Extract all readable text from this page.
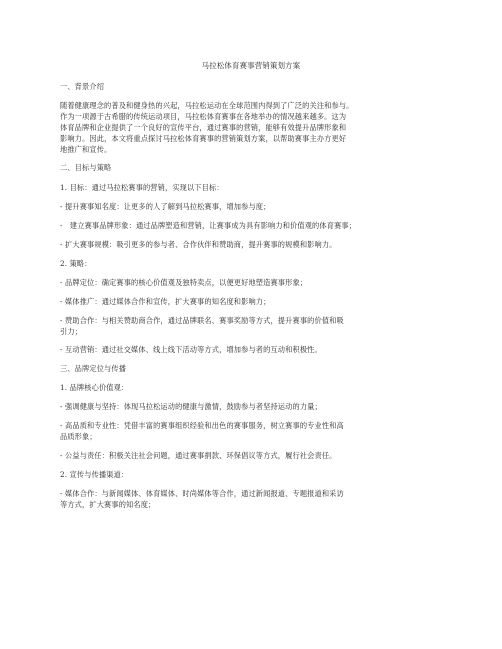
马拉松体育赛事营销策划方案
一、背景介绍
随着健康理念的普及和健身热的兴起，马拉松运动在全球范围内得到了广泛的关注和参与。
作为一项源于古希腊的传统运动项目，马拉松体育赛事在各地举办的情况越来越多。这为
体育品牌和企业提供了一个良好的宣传平台，通过赛事的营销，能够有效提升品牌形象和
影响力。因此，本文将重点探讨马拉松体育赛事的营销策划方案，以帮助赛事主办方更好
地推广和宣传。
二、目标与策略
1. 目标：通过马拉松赛事的营销，实现以下目标：
- 提升赛事知名度：让更多的人了解到马拉松赛事，增加参与度；
-　建立赛事品牌形象：通过品牌塑造和营销，让赛事成为具有影响力和价值观的体育赛事；
- 扩大赛事规模：吸引更多的参与者、合作伙伴和赞助商，提升赛事的规模和影响力。
2. 策略：
- 品牌定位：确定赛事的核心价值观及独特卖点，以便更好地塑造赛事形象；
- 媒体推广：通过媒体合作和宣传，扩大赛事的知名度和影响力；
- 赞助合作：与相关赞助商合作，通过品牌联名、赛事奖励等方式，提升赛事的价值和吸
引力；
- 互动营销：通过社交媒体、线上线下活动等方式，增加参与者的互动和积极性。
三、品牌定位与传播
1. 品牌核心价值观：
- 强调健康与坚持：体现马拉松运动的健康与激情，鼓励参与者坚持运动的力量；
- 高品质和专业性：凭借丰富的赛事组织经验和出色的赛事服务，树立赛事的专业性和高
品质形象；
- 公益与责任：积极关注社会问题，通过赛事捐款、环保倡议等方式，履行社会责任。
2. 宣传与传播渠道：
- 媒体合作：与新闻媒体、体育媒体、时尚媒体等合作，通过新闻报道、专题报道和采访
等方式，扩大赛事的知名度；
